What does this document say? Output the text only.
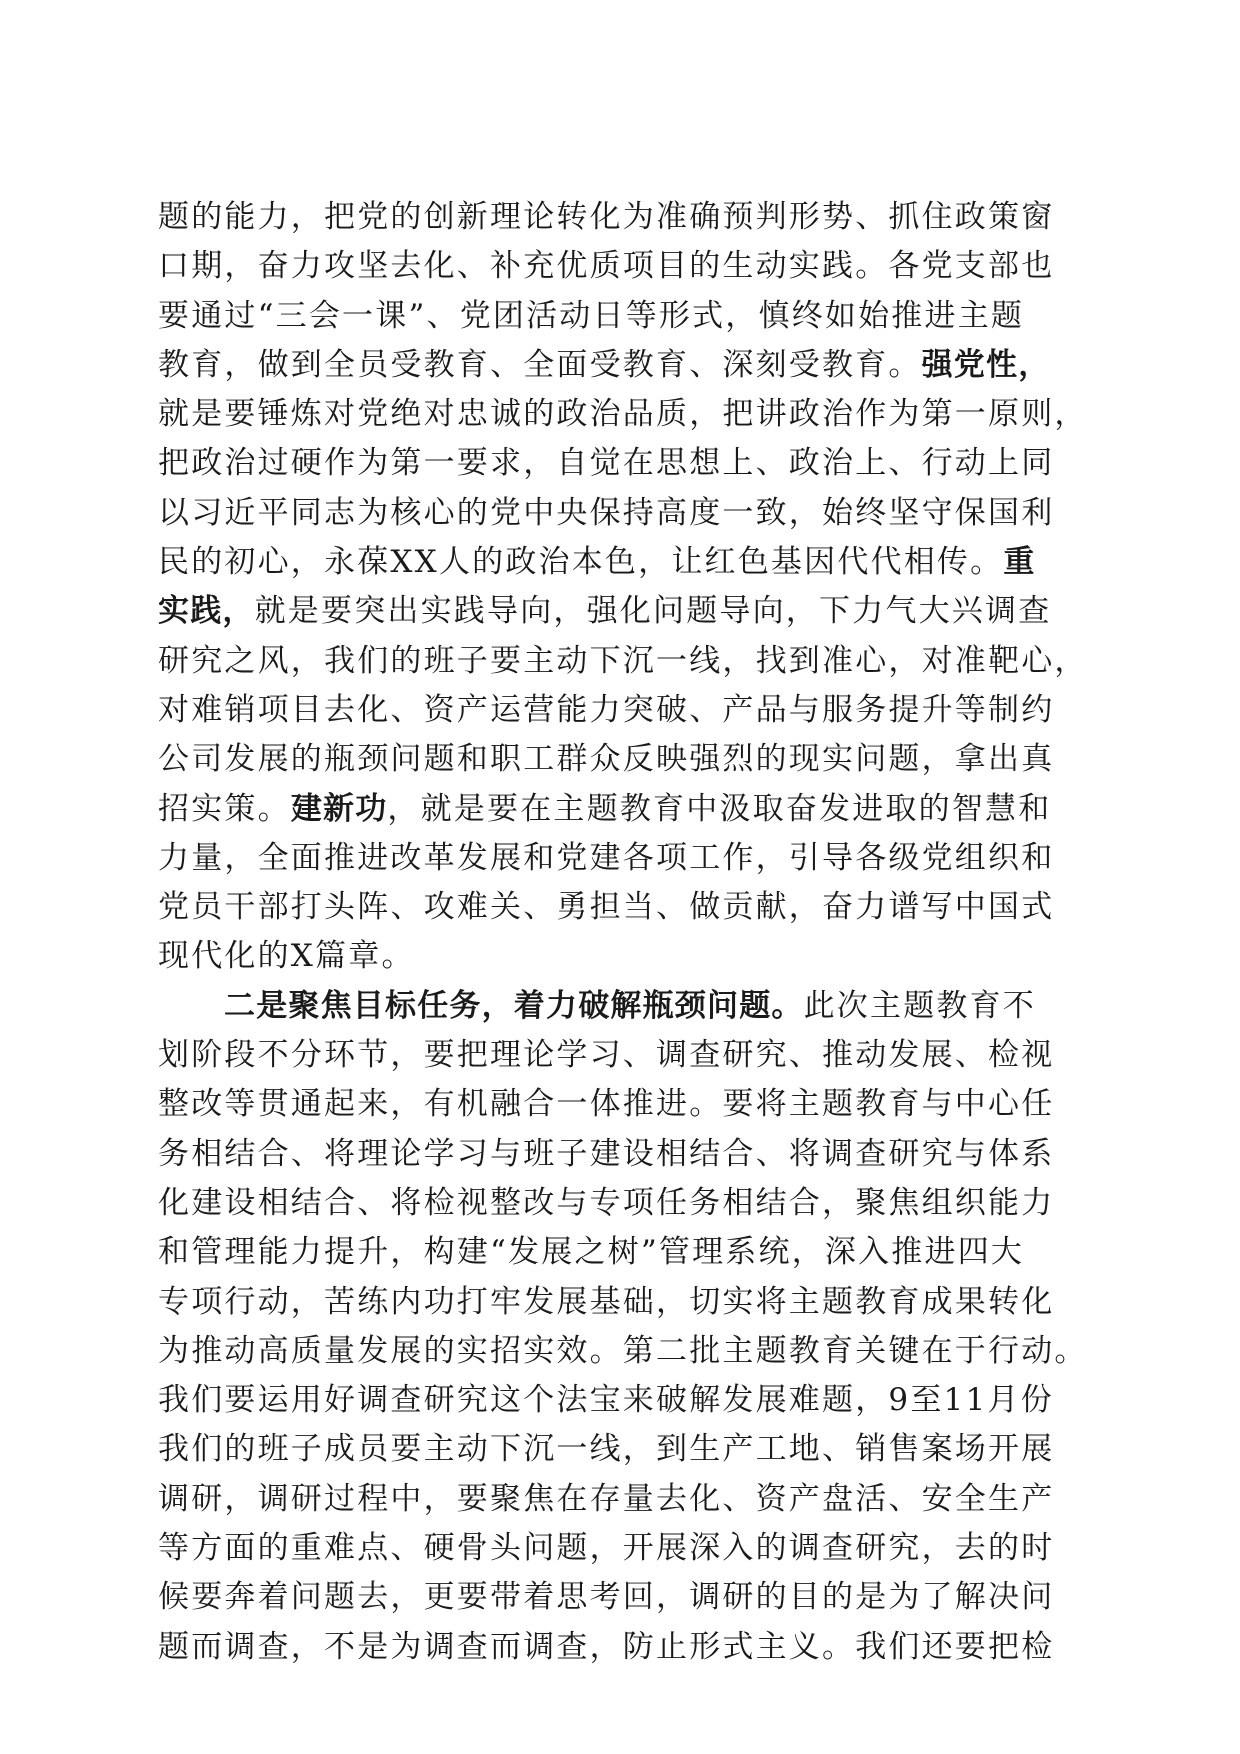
题的能力，把党的创新理论转化为准确预判形势、抓住政策窗
口期，奋力攻坚去化、补充优质项目的生动实践。各党支部也
要通过“三会一课”、党团活动日等形式，慎终如始推进主题
教育，做到全员受教育、全面受教育、深刻受教育。强党性，
就是要锤炼对党绝对忠诚的政治品质，把讲政治作为第一原则，
把政治过硬作为第一要求，自觉在思想上、政治上、行动上同
以习近平同志为核心的党中央保持高度一致，始终坚守保国利
民的初心，永葆XX人的政治本色，让红色基因代代相传。重
实践，就是要突出实践导向，强化问题导向，下力气大兴调查
研究之风，我们的班子要主动下沉一线，找到准心，对准靶心，
对难销项目去化、资产运营能力突破、产品与服务提升等制约
公司发展的瓶颈问题和职工群众反映强烈的现实问题，拿出真
招实策。建新功，就是要在主题教育中汲取奋发进取的智慧和
力量，全面推进改革发展和党建各项工作，引导各级党组织和
党员干部打头阵、攻难关、勇担当、做贡献，奋力谱写中国式
现代化的X篇章。
二是聚焦目标任务，着力破解瓶颈问题。此次主题教育不
划阶段不分环节，要把理论学习、调查研究、推动发展、检视
整改等贯通起来，有机融合一体推进。要将主题教育与中心任
务相结合、将理论学习与班子建设相结合、将调查研究与体系
化建设相结合、将检视整改与专项任务相结合，聚焦组织能力
和管理能力提升，构建“发展之树”管理系统，深入推进四大
专项行动，苦练内功打牢发展基础，切实将主题教育成果转化
为推动高质量发展的实招实效。第二批主题教育关键在于行动。
我们要运用好调查研究这个法宝来破解发展难题，9至11月份
我们的班子成员要主动下沉一线，到生产工地、销售案场开展
调研，调研过程中，要聚焦在存量去化、资产盘活、安全生产
等方面的重难点、硬骨头问题，开展深入的调查研究，去的时
候要奔着问题去，更要带着思考回，调研的目的是为了解决问
题而调查，不是为调查而调查，防止形式主义。我们还要把检
